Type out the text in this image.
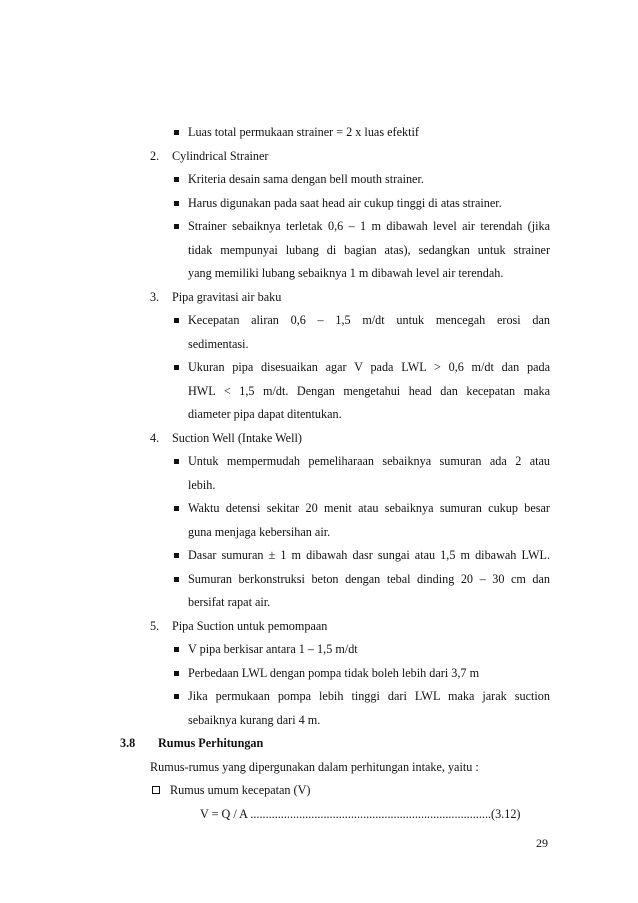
Luas total permukaan strainer = 2 x luas efektif
2. Cylindrical Strainer
Kriteria desain sama dengan bell mouth strainer.
Harus digunakan pada saat head air cukup tinggi di atas strainer.
Strainer sebaiknya terletak 0,6 – 1 m dibawah level air terendah (jika
tidak mempunyai lubang di bagian atas), sedangkan untuk strainer
yang memiliki lubang sebaiknya 1 m dibawah level air terendah.
3. Pipa gravitasi air baku
Kecepatan aliran 0,6 – 1,5 m/dt untuk mencegah erosi dan
sedimentasi.
Ukuran pipa disesuaikan agar V pada LWL > 0,6 m/dt dan pada
HWL < 1,5 m/dt. Dengan mengetahui head dan kecepatan maka
diameter pipa dapat ditentukan.
4. Suction Well (Intake Well)
Untuk mempermudah pemeliharaan sebaiknya sumuran ada 2 atau
lebih.
Waktu detensi sekitar 20 menit atau sebaiknya sumuran cukup besar
guna menjaga kebersihan air.
Dasar sumuran ± 1 m dibawah dasr sungai atau 1,5 m dibawah LWL.
Sumuran berkonstruksi beton dengan tebal dinding 20 – 30 cm dan
bersifat rapat air.
5. Pipa Suction untuk pemompaan
V pipa berkisar antara 1 – 1,5 m/dt
Perbedaan LWL dengan pompa tidak boleh lebih dari 3,7 m
Jika permukaan pompa lebih tinggi dari LWL maka jarak suction
sebaiknya kurang dari 4 m.
3.8 Rumus Perhitungan
Rumus-rumus yang dipergunakan dalam perhitungan intake, yaitu :
Rumus umum kecepatan (V)
V = Q / A ...............................................................................(3.12)
29
